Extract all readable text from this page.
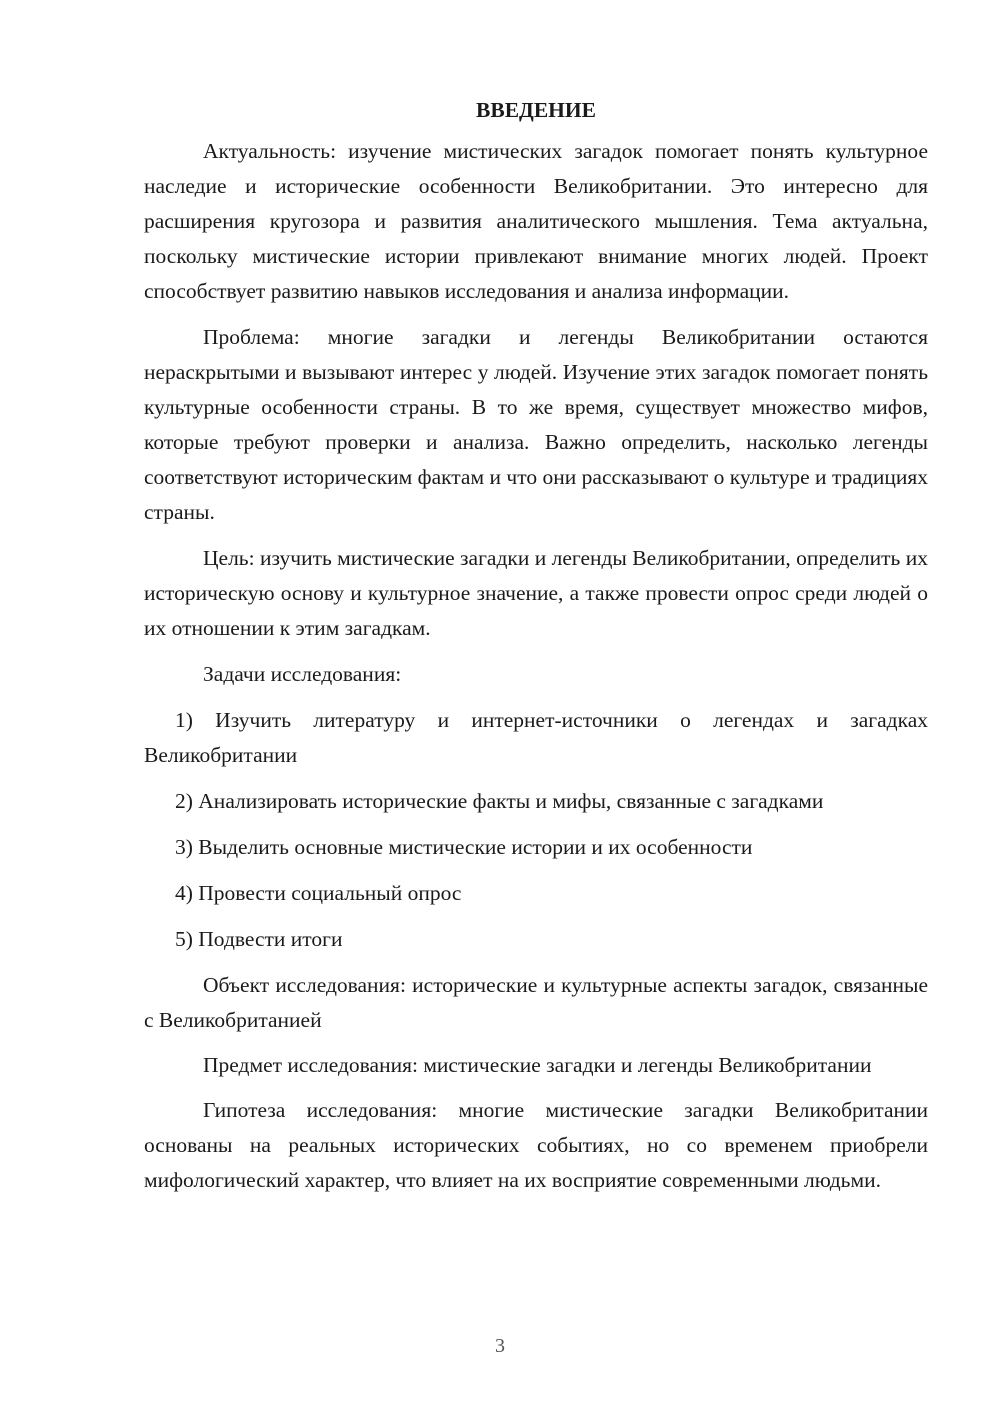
ВВЕДЕНИЕ

Актуальность: изучение мистических загадок помогает понять культурное наследие и исторические особенности Великобритании. Это интересно для расширения кругозора и развития аналитического мышления. Тема актуальна, поскольку мистические истории привлекают внимание многих людей. Проект способствует развитию навыков исследования и анализа информации.

Проблема: многие загадки и легенды Великобритании остаются нераскрытыми и вызывают интерес у людей. Изучение этих загадок помогает понять культурные особенности страны. В то же время, существует множество мифов, которые требуют проверки и анализа. Важно определить, насколько легенды соответствуют историческим фактам и что они рассказывают о культуре и традициях страны.

Цель: изучить мистические загадки и легенды Великобритании, определить их историческую основу и культурное значение, а также провести опрос среди людей о их отношении к этим загадкам.

Задачи исследования:

1) Изучить литературу и интернет-источники о легендах и загадках Великобритании

2) Анализировать исторические факты и мифы, связанные с загадками

3) Выделить основные мистические истории и их особенности

4) Провести социальный опрос

5) Подвести итоги

Объект исследования: исторические и культурные аспекты загадок, связанные с Великобританией

Предмет исследования: мистические загадки и легенды Великобритании

Гипотеза исследования: многие мистические загадки Великобритании основаны на реальных исторических событиях, но со временем приобрели мифологический характер, что влияет на их восприятие современными людьми.

3
